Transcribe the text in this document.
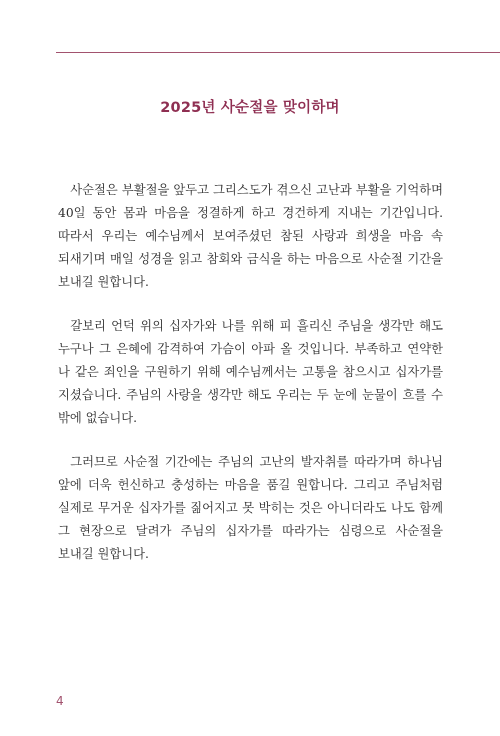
2025년 사순절을 맞이하며

사순절은 부활절을 앞두고 그리스도가 겪으신 고난과 부활을 기억하며 40일 동안 몸과 마음을 정결하게 하고 경건하게 지내는 기간입니다. 따라서 우리는 예수님께서 보여주셨던 참된 사랑과 희생을 마음 속 되새기며 매일 성경을 읽고 참회와 금식을 하는 마음으로 사순절 기간을 보내길 원합니다.

갈보리 언덕 위의 십자가와 나를 위해 피 흘리신 주님을 생각만 해도 누구나 그 은혜에 감격하여 가슴이 아파 올 것입니다. 부족하고 연약한 나 같은 죄인을 구원하기 위해 예수님께서는 고통을 참으시고 십자가를 지셨습니다. 주님의 사랑을 생각만 해도 우리는 두 눈에 눈물이 흐를 수 밖에 없습니다.

그러므로 사순절 기간에는 주님의 고난의 발자취를 따라가며 하나님 앞에 더욱 헌신하고 충성하는 마음을 품길 원합니다. 그리고 주님처럼 실제로 무거운 십자가를 짊어지고 못 박히는 것은 아니더라도 나도 함께 그 현장으로 달려가 주님의 십자가를 따라가는 심령으로 사순절을 보내길 원합니다.

4
